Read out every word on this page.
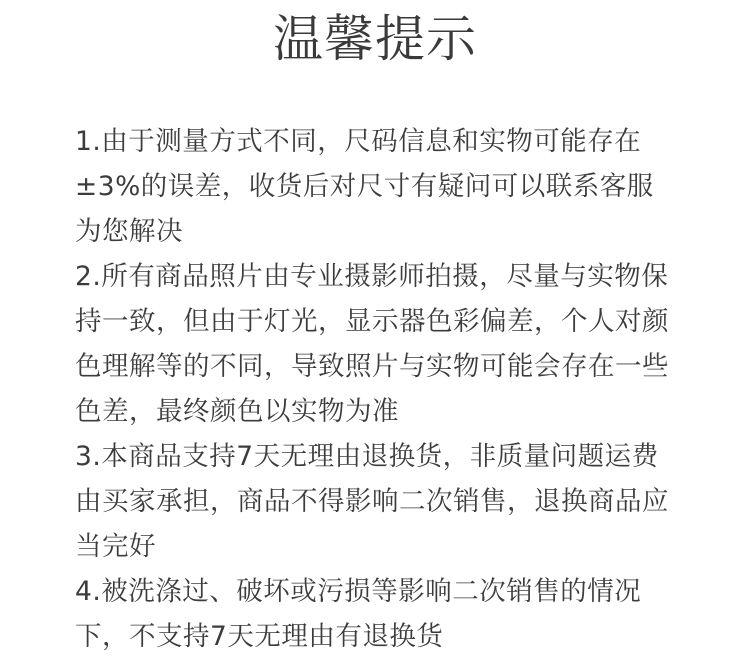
温馨提示

1.由于测量方式不同，尺码信息和实物可能存在±3%的误差，收货后对尺寸有疑问可以联系客服为您解决

2.所有商品照片由专业摄影师拍摄，尽量与实物保持一致，但由于灯光，显示器色彩偏差，个人对颜色理解等的不同，导致照片与实物可能会存在一些色差，最终颜色以实物为准

3.本商品支持7天无理由退换货，非质量问题运费由买家承担，商品不得影响二次销售，退换商品应当完好

4.被洗涤过、破坏或污损等影响二次销售的情况下，不支持7天无理由有退换货
